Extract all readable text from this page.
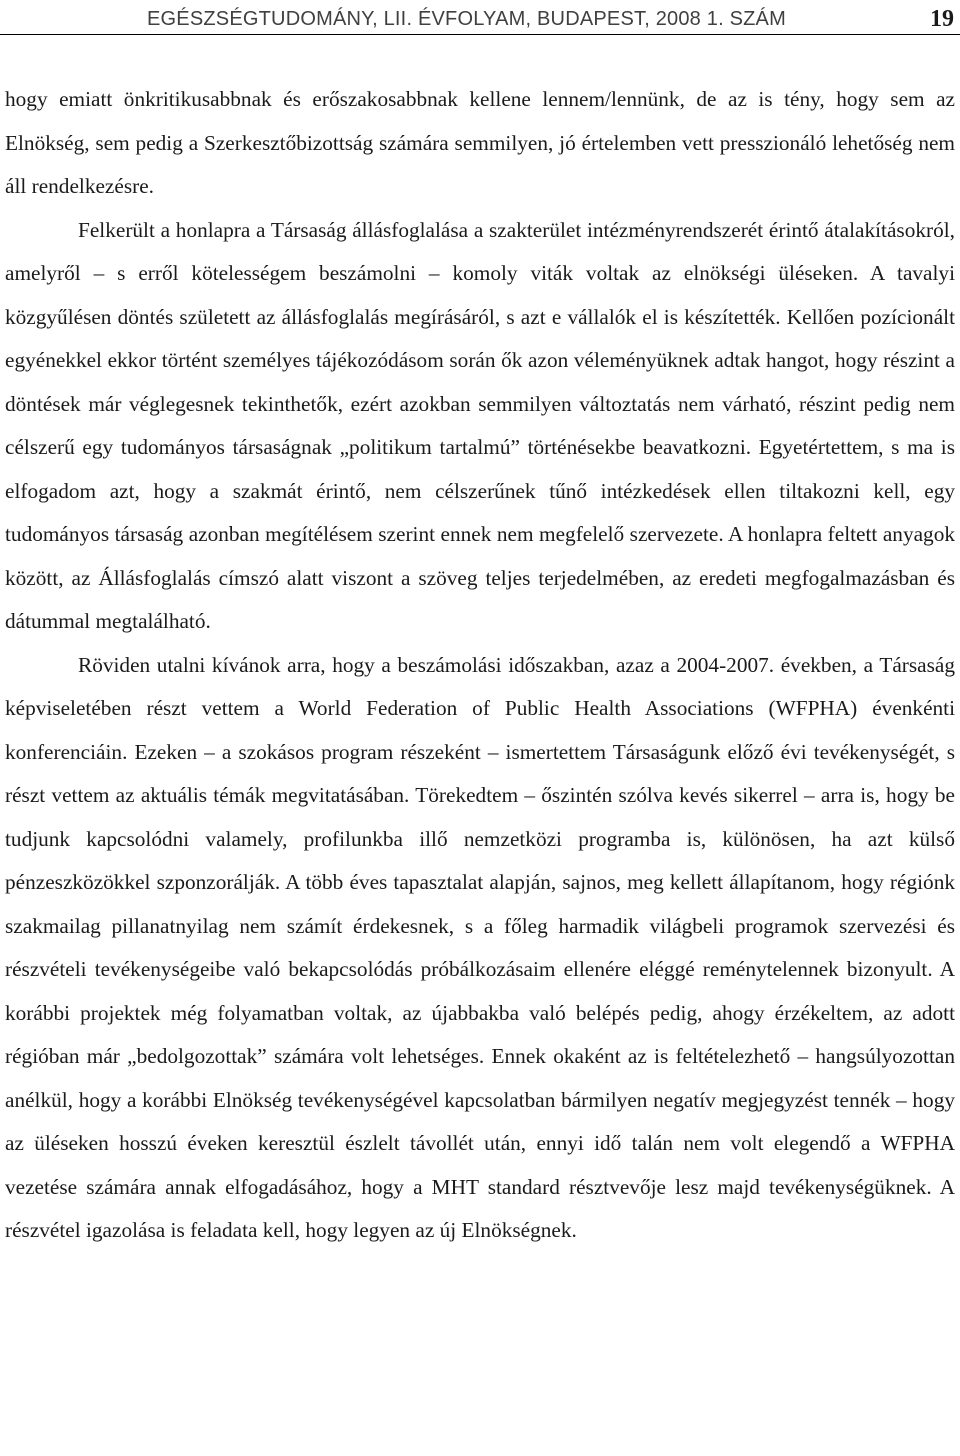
EGÉSZSÉGTUDOMÁNY, LII. ÉVFOLYAM, BUDAPEST, 2008 1. SZÁM	19

hogy emiatt önkritikusabbnak és erőszakosabbnak kellene lennem/lennünk, de az is tény, hogy sem az Elnökség, sem pedig a Szerkesztőbizottság számára semmilyen, jó értelemben vett presszionáló lehetőség nem áll rendelkezésre.

Felkerült a honlapra a Társaság állásfoglalása a szakterület intézményrendszerét érintő átalakításokról, amelyről – s erről kötelességem beszámolni – komoly viták voltak az elnökségi üléseken. A tavalyi közgyűlésen döntés született az állásfoglalás megírásáról, s azt e vállalók el is készítették. Kellően pozícionált egyénekkel ekkor történt személyes tájékozódásom során ők azon véleményüknek adtak hangot, hogy részint a döntések már véglegesnek tekinthetők, ezért azokban semmilyen változtatás nem várható, részint pedig nem célszerű egy tudományos társaságnak „politikum tartalmú” történésekbe beavatkozni. Egyetértettem, s ma is elfogadom azt, hogy a szakmát érintő, nem célszerűnek tűnő intézkedések ellen tiltakozni kell, egy tudományos társaság azonban megítélésem szerint ennek nem megfelelő szervezete. A honlapra feltett anyagok között, az Állásfoglalás címszó alatt viszont a szöveg teljes terjedelmében, az eredeti megfogalmazásban és dátummal megtalálható.

Röviden utalni kívánok arra, hogy a beszámolási időszakban, azaz a 2004-2007. években, a Társaság képviseletében részt vettem a World Federation of Public Health Associations (WFPHA) évenkénti konferenciáin. Ezeken – a szokásos program részeként – ismertettem Társaságunk előző évi tevékenységét, s részt vettem az aktuális témák megvitatásában. Törekedtem – őszintén szólva kevés sikerrel – arra is, hogy be tudjunk kapcsolódni valamely, profilunkba illő nemzetközi programba is, különösen, ha azt külső pénzeszközökkel szponzorálják. A több éves tapasztalat alapján, sajnos, meg kellett állapítanom, hogy régiónk szakmailag pillanatnyilag nem számít érdekesnek, s a főleg harmadik világbeli programok szervezési és részvételi tevékenységeibe való bekapcsolódás próbálkozásaim ellenére eléggé reménytelennek bizonyult. A korábbi projektek még folyamatban voltak, az újabbakba való belépés pedig, ahogy érzékeltem, az adott régióban már „bedolgozottak” számára volt lehetséges. Ennek okaként az is feltételezhető – hangsúlyozottan anélkül, hogy a korábbi Elnökség tevékenységével kapcsolatban bármilyen negatív megjegyzést tennék – hogy az üléseken hosszú éveken keresztül észlelt távollét után, ennyi idő talán nem volt elegendő a WFPHA vezetése számára annak elfogadásához, hogy a MHT standard résztvevője lesz majd tevékenységüknek. A részvétel igazolása is feladata kell, hogy legyen az új Elnökségnek.
